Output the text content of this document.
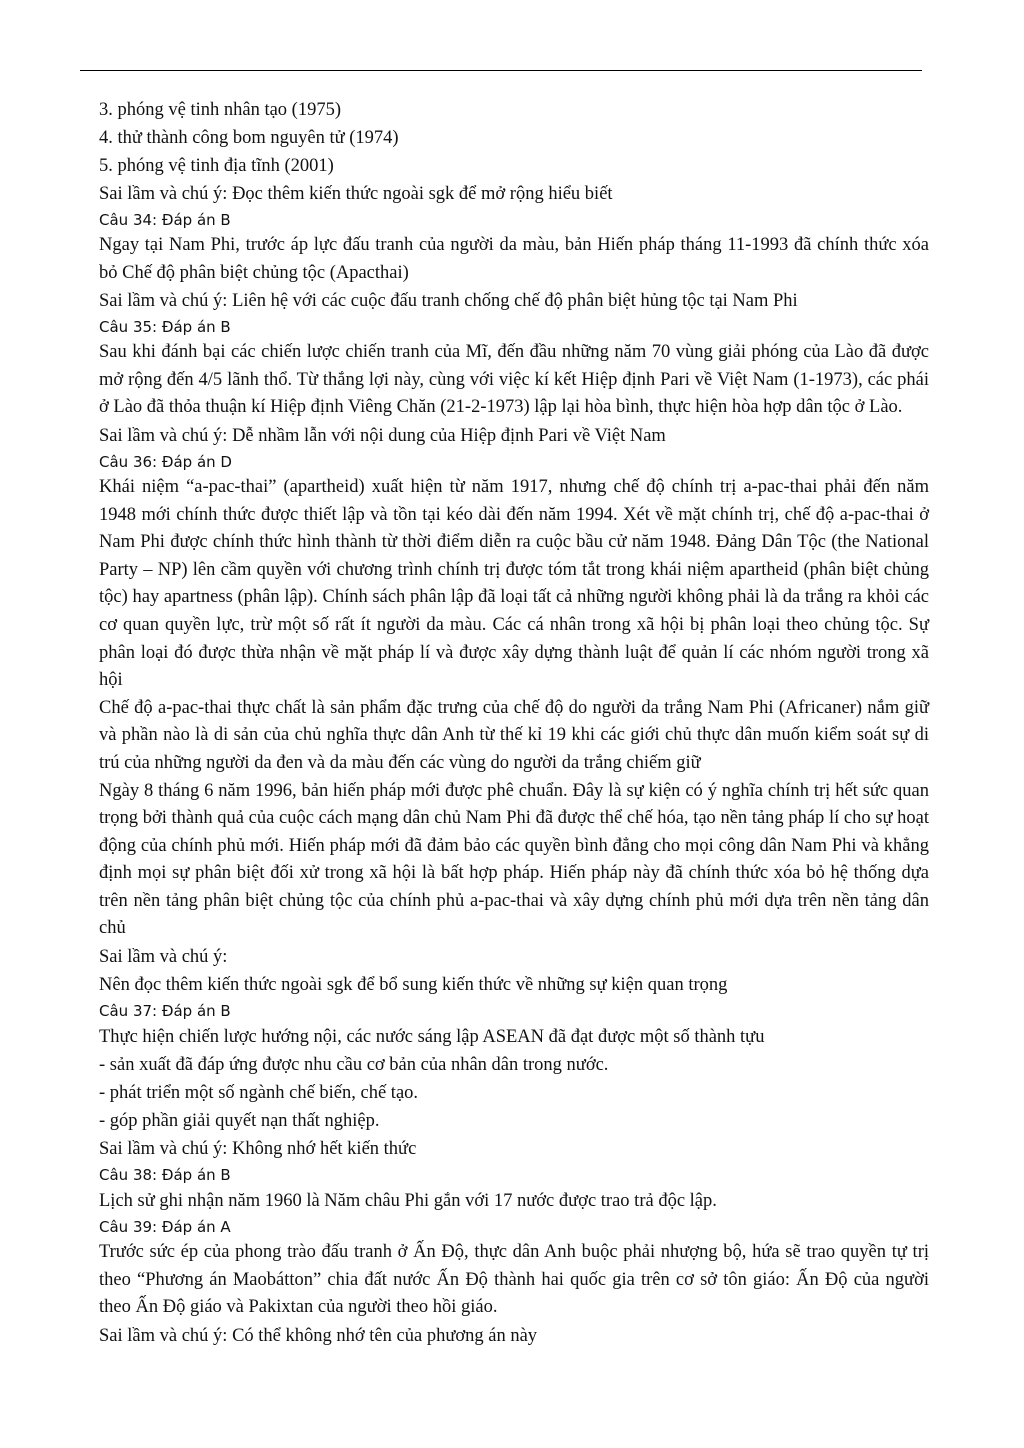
3. phóng vệ tinh nhân tạo (1975)

4. thử thành công bom nguyên tử (1974)

5. phóng vệ tinh địa tĩnh (2001)

Sai lầm và chú ý: Đọc thêm kiến thức ngoài sgk để mở rộng hiểu biết

Câu 34: Đáp án B

Ngay tại Nam Phi, trước áp lực đấu tranh của người da màu, bản Hiến pháp tháng 11-1993 đã chính thức xóa bỏ Chế độ phân biệt chủng tộc (Apacthai)

Sai lầm và chú ý: Liên hệ với các cuộc đấu tranh chống chế độ phân biệt hủng tộc tại Nam Phi

Câu 35: Đáp án B

Sau khi đánh bại các chiến lược chiến tranh của Mĩ, đến đầu những năm 70 vùng giải phóng của Lào đã được mở rộng đến 4/5 lãnh thổ. Từ thắng lợi này, cùng với việc kí kết Hiệp định Pari về Việt Nam (1-1973), các phái ở Lào đã thỏa thuận kí Hiệp định Viêng Chăn (21-2-1973) lập lại hòa bình, thực hiện hòa hợp dân tộc ở Lào.

Sai lầm và chú ý: Dễ nhầm lẫn với nội dung của Hiệp định Pari về Việt Nam

Câu 36: Đáp án D

Khái niệm “a-pac-thai” (apartheid) xuất hiện từ năm 1917, nhưng chế độ chính trị a-pac-thai phải đến năm 1948 mới chính thức được thiết lập và tồn tại kéo dài đến năm 1994. Xét về mặt chính trị, chế độ a-pac-thai ở Nam Phi được chính thức hình thành từ thời điểm diễn ra cuộc bầu cử năm 1948. Đảng Dân Tộc (the National Party – NP) lên cầm quyền với chương trình chính trị được tóm tắt trong khái niệm apartheid (phân biệt chủng tộc) hay apartness (phân lập). Chính sách phân lập đã loại tất cả những người không phải là da trắng ra khỏi các cơ quan quyền lực, trừ một số rất ít người da màu. Các cá nhân trong xã hội bị phân loại theo chủng tộc. Sự phân loại đó được thừa nhận về mặt pháp lí và được xây dựng thành luật để quản lí các nhóm người trong xã hội

Chế độ a-pac-thai thực chất là sản phẩm đặc trưng của chế độ do người da trắng Nam Phi (Africaner) nắm giữ và phần nào là di sản của chủ nghĩa thực dân Anh từ thế kỉ 19 khi các giới chủ thực dân muốn kiểm soát sự di trú của những người da đen và da màu đến các vùng do người da trắng chiếm giữ

Ngày 8 tháng 6 năm 1996, bản hiến pháp mới được phê chuẩn. Đây là sự kiện có ý nghĩa chính trị hết sức quan trọng bởi thành quả của cuộc cách mạng dân chủ Nam Phi đã được thể chế hóa, tạo nền tảng pháp lí cho sự hoạt động của chính phủ mới. Hiến pháp mới đã đảm bảo các quyền bình đẳng cho mọi công dân Nam Phi và khẳng định mọi sự phân biệt đối xử trong xã hội là bất hợp pháp. Hiến pháp này đã chính thức xóa bỏ hệ thống dựa trên nền tảng phân biệt chủng tộc của chính phủ a-pac-thai và xây dựng chính phủ mới dựa trên nền tảng dân chủ

Sai lầm và chú ý:

Nên đọc thêm kiến thức ngoài sgk để bổ sung kiến thức về những sự kiện quan trọng

Câu 37: Đáp án B

Thực hiện chiến lược hướng nội, các nước sáng lập ASEAN đã đạt được một số thành tựu

- sản xuất đã đáp ứng được nhu cầu cơ bản của nhân dân trong nước.

- phát triển một số ngành chế biến, chế tạo.

- góp phần giải quyết nạn thất nghiệp.

Sai lầm và chú ý: Không nhớ hết kiến thức

Câu 38: Đáp án B

Lịch sử ghi nhận năm 1960 là Năm châu Phi gắn với 17 nước được trao trả độc lập.

Câu 39: Đáp án A

Trước sức ép của phong trào đấu tranh ở Ấn Độ, thực dân Anh buộc phải nhượng bộ, hứa sẽ trao quyền tự trị theo “Phương án Maobátton” chia đất nước Ấn Độ thành hai quốc gia trên cơ sở tôn giáo: Ấn Độ của người theo Ấn Độ giáo và Pakixtan của người theo hồi giáo.

Sai lầm và chú ý: Có thể không nhớ tên của phương án này
